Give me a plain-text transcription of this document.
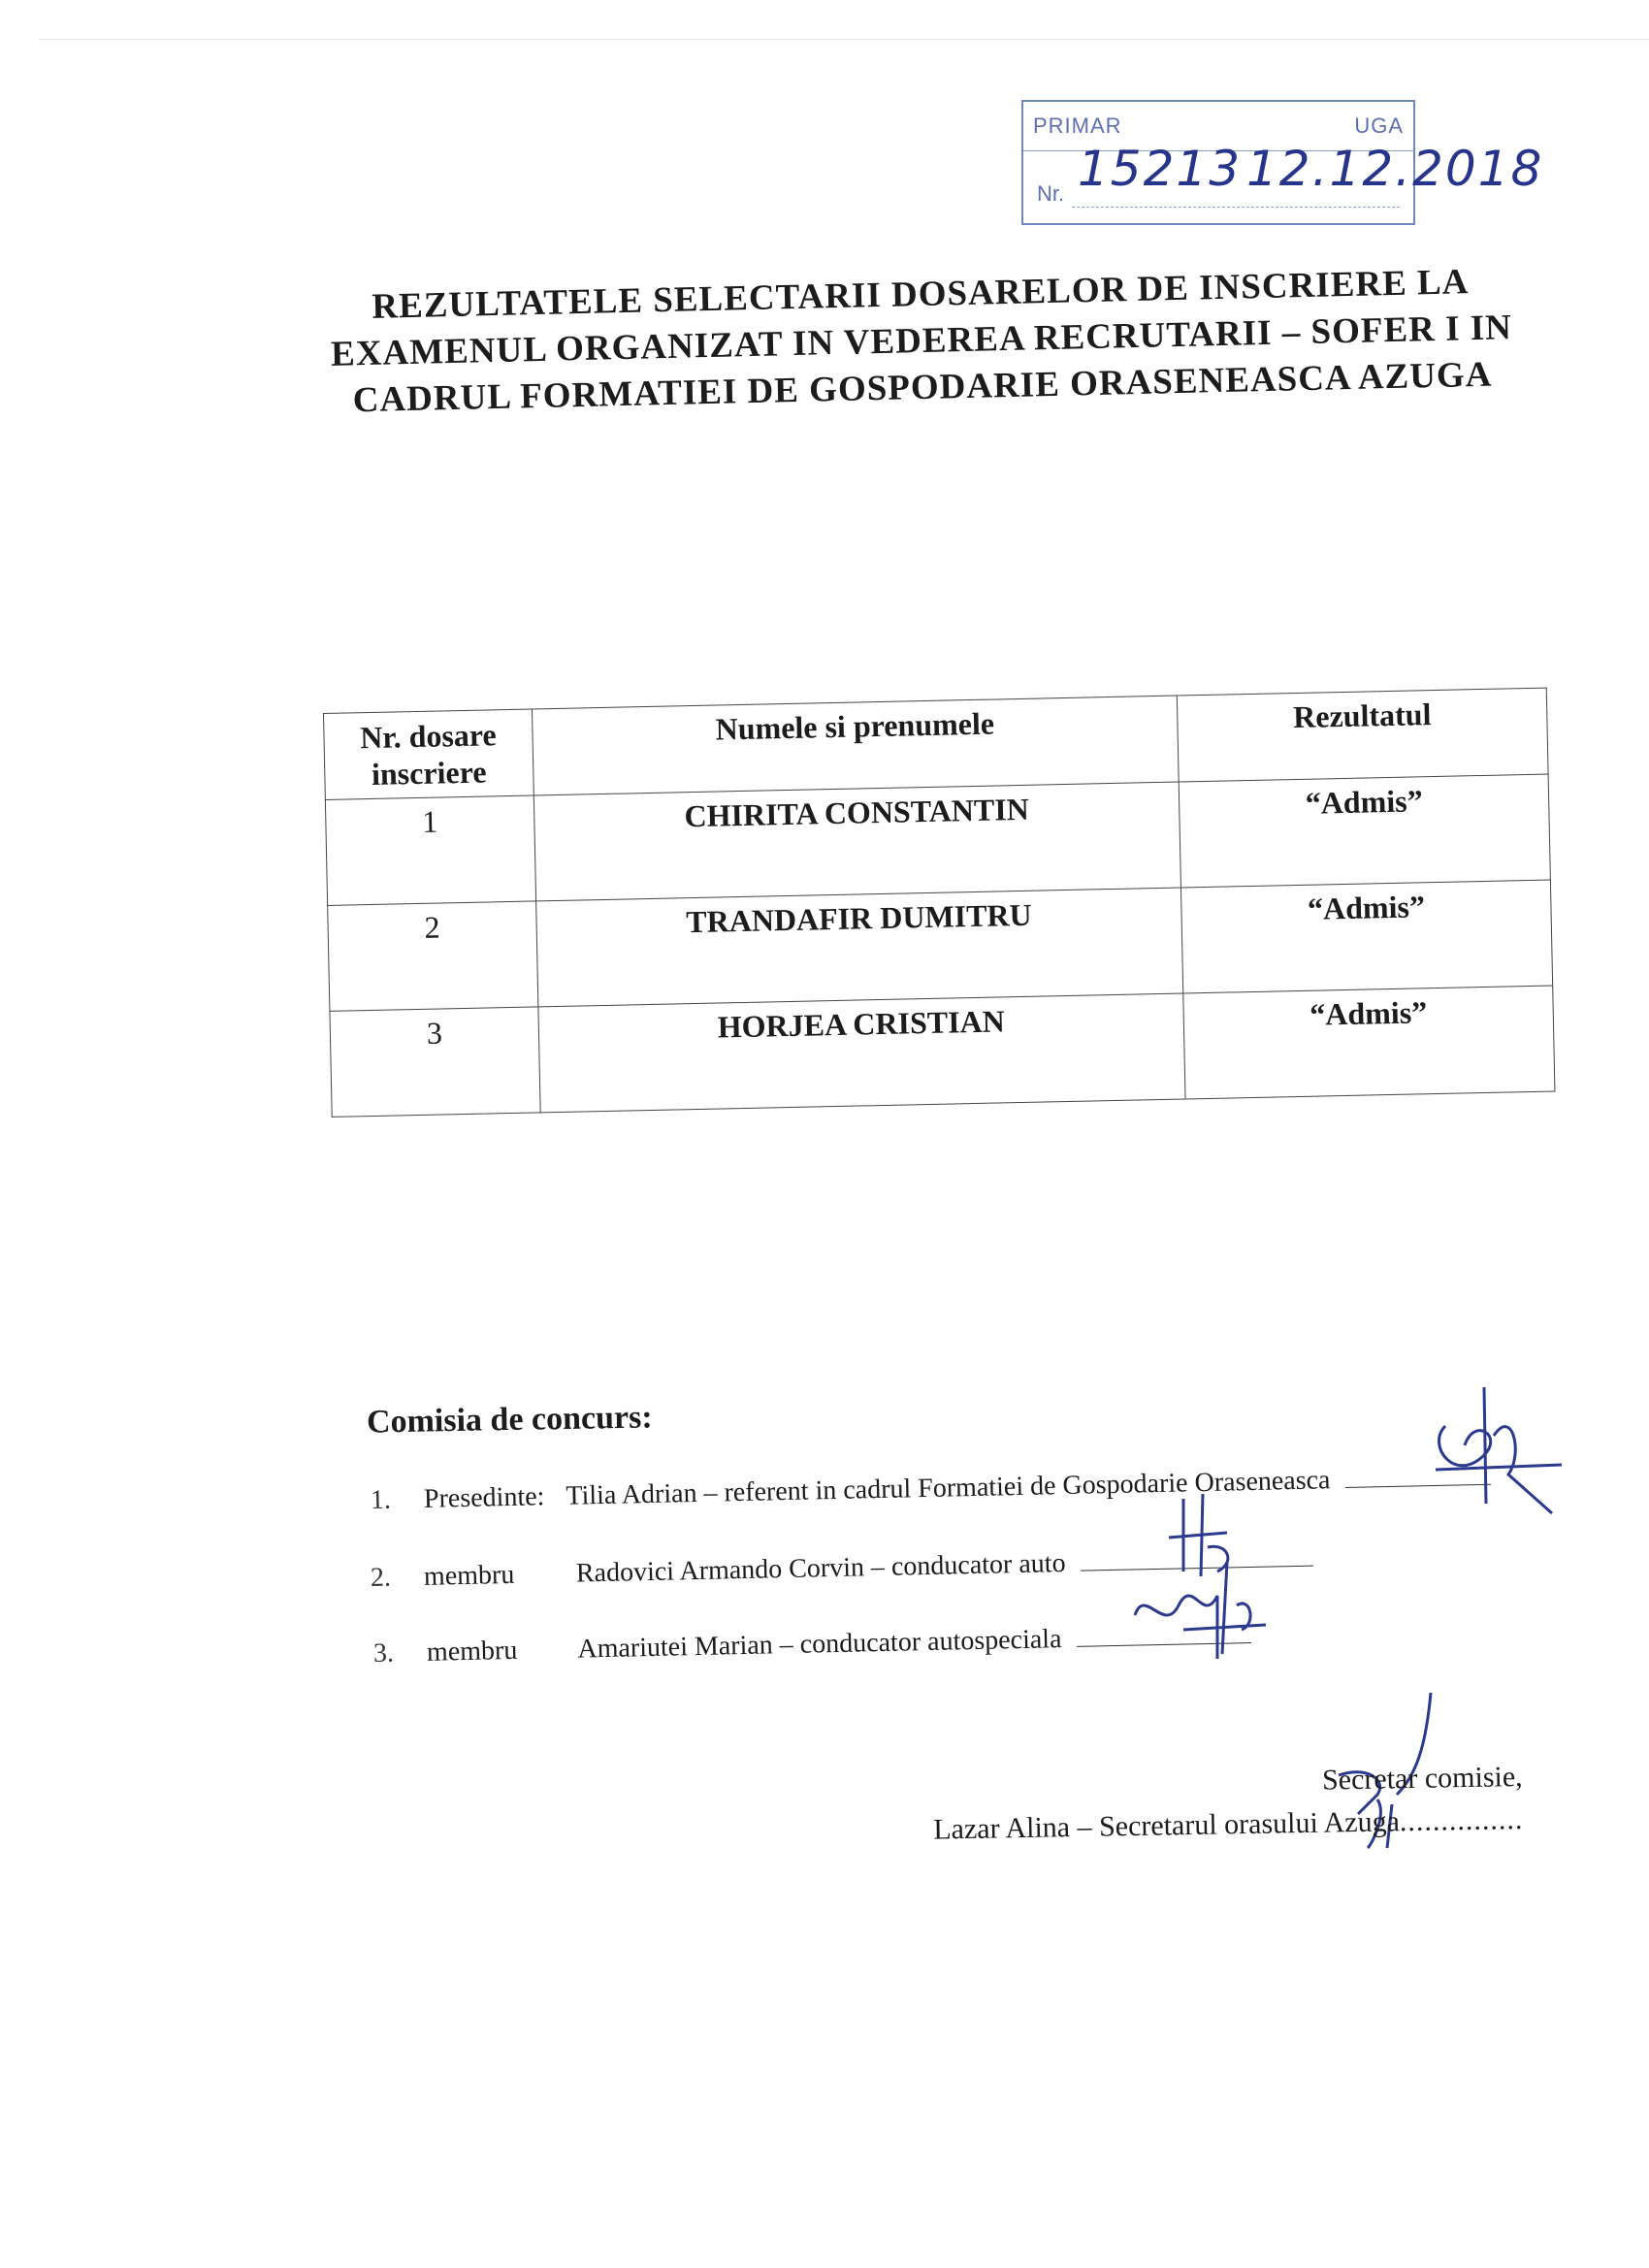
PRIMAR	UGA
Nr. 15213 12.12.2018
REZULTATELE SELECTARII DOSARELOR DE INSCRIERE LA
EXAMENUL ORGANIZAT IN VEDEREA RECRUTARII – SOFER I IN
CADRUL FORMATIEI DE GOSPODARIE ORASENEASCA AZUGA
Nr. dosare inscriere	Numele si prenumele	Rezultatul
1	CHIRITA CONSTANTIN	“Admis”
2	TRANDAFIR DUMITRU	“Admis”
3	HORJEA CRISTIAN	“Admis”
Comisia de concurs:
1. Presedinte: Tilia Adrian – referent in cadrul Formatiei de Gospodarie Oraseneasca
2. membru Radovici Armando Corvin – conducator auto
3. membru Amariutei Marian – conducator autospeciala
Secretar comisie,
Lazar Alina – Secretarul orasului Azuga...............
